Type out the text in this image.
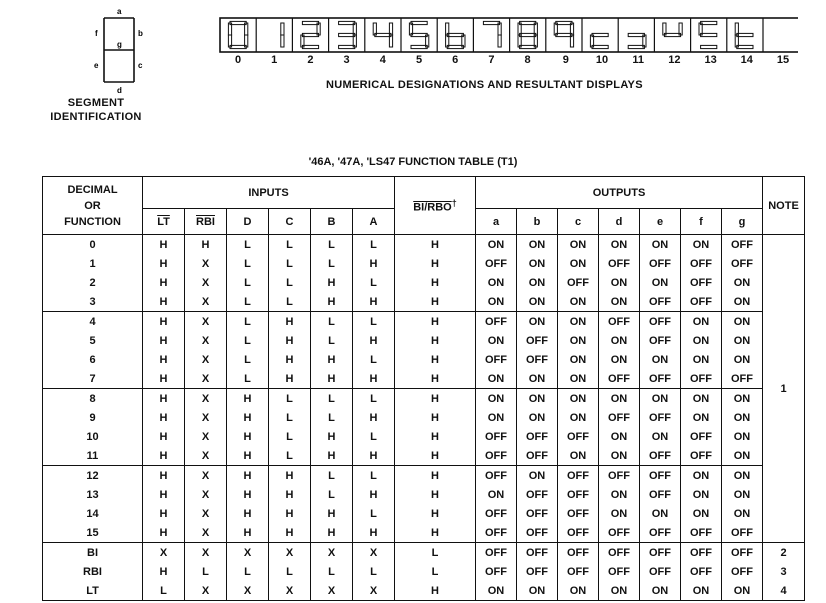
a
f	b
g
e	c
d
SEGMENT
IDENTIFICATION
0	1	2	3	4	5	6	7	8	9 10 11 12 13 14 15
NUMERICAL DESIGNATIONS AND RESULTANT DISPLAYS
'46A, '47A, 'LS47 FUNCTION TABLE (T1)
DECIMAL
OR
FUNCTION	INPUTS						BI/RBO†	OUTPUTS							NOTE

	$\overline{LT}$	$\overline{RBI}$	D	C	B	A		a	b	c	d	e	f	g	
0	H	H	L	L	L	L	H	ON	ON	ON	ON	ON	ON	OFF	1
1	H	X	L	L	L	H	H	OFF	ON	ON	OFF	OFF	OFF	OFF	
2	H	X	L	L	H	L	H	ON	ON	OFF	ON	ON	OFF	ON	
3	H	X	L	L	H	H	H	ON	ON	ON	ON	OFF	OFF	ON	
4	H	X	L	H	L	L	H	OFF	ON	ON	OFF	OFF	ON	ON	
5	H	X	L	H	L	H	H	ON	OFF	ON	ON	OFF	ON	ON	
6	H	X	L	H	H	L	H	OFF	OFF	ON	ON	ON	ON	ON	
7	H	X	L	H	H	H	H	ON	ON	ON	OFF	OFF	OFF	OFF	
8	H	X	H	L	L	L	H	ON	ON	ON	ON	ON	ON	ON	
9	H	X	H	L	L	H	H	ON	ON	ON	OFF	OFF	ON	ON	
10	H	X	H	L	H	L	H	OFF	OFF	OFF	ON	ON	OFF	ON	
11	H	X	H	L	H	H	H	OFF	OFF	ON	ON	OFF	OFF	ON	
12	H	X	H	H	L	L	H	OFF	ON	OFF	OFF	OFF	ON	ON	
13	H	X	H	H	L	H	H	ON	OFF	OFF	ON	OFF	ON	ON	
14	H	X	H	H	H	L	H	OFF	OFF	OFF	ON	ON	ON	ON	
15	H	X	H	H	H	H	H	OFF	OFF	OFF	OFF	OFF	OFF	OFF	
BI	X	X	X	X	X	X	L	OFF	OFF	OFF	OFF	OFF	OFF	OFF	2
RBI	H	L	L	L	L	L	L	OFF	OFF	OFF	OFF	OFF	OFF	OFF	3
LT	L	X	X	X	X	X	H	ON	ON	ON	ON	ON	ON	ON	4
